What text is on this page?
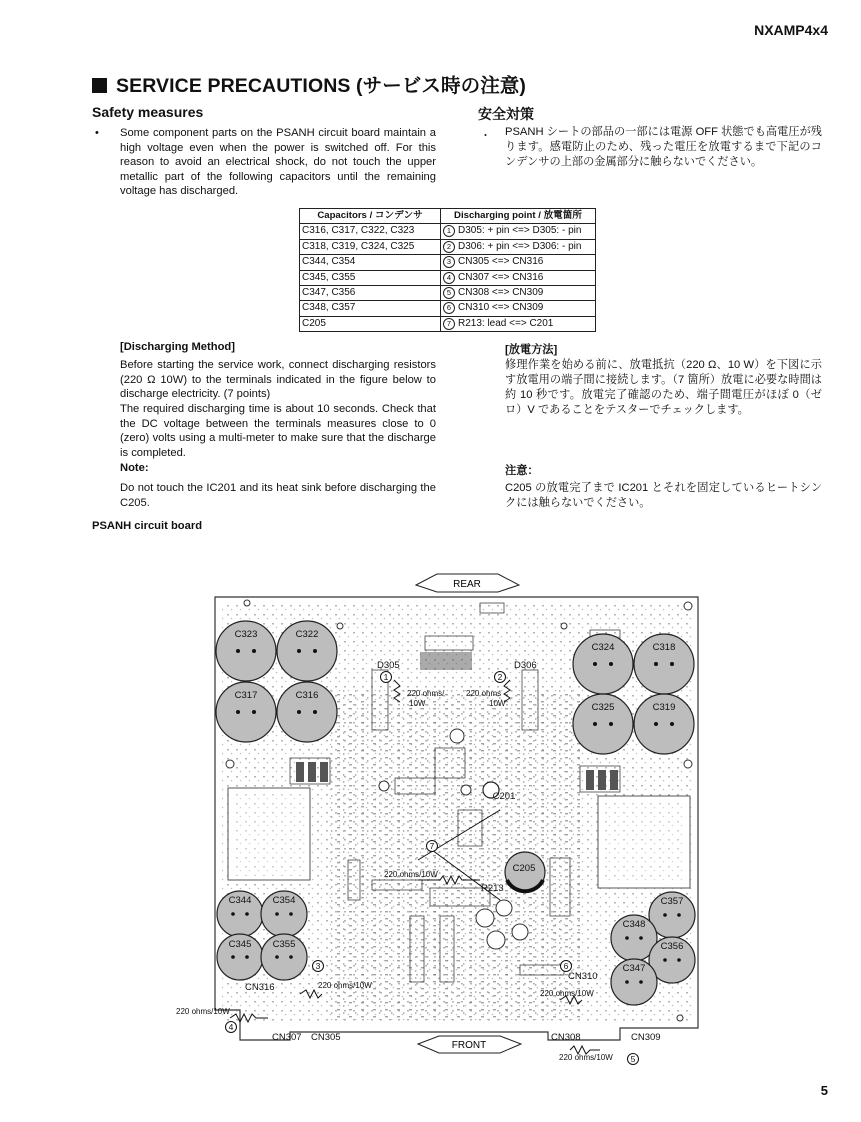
NXAMP4x4
SERVICE PRECAUTIONS (サービス時の注意)
Safety measures	安全対策
• Some component parts on the PSANH circuit board maintain a high voltage even when the power is switched off. For this reason to avoid an electrical shock, do not touch the upper metallic part of the following capacitors until the remaining voltage has discharged.
・ PSANH シートの部品の一部には電源 OFF 状態でも高電圧が残ります。感電防止のため、残った電圧を放電するまで下記のコンデンサの上部の金属部分に触らないでください。
Capacitors / コンデンサ	Discharging point / 放電箇所
C316, C317, C322, C323	1 D305: + pin <=> D305: - pin
C318, C319, C324, C325	2 D306: + pin <=> D306: - pin
C344, C354	3 CN305 <=> CN316
C345, C355	4 CN307 <=> CN316
C347, C356	5 CN308 <=> CN309
C348, C357	6 CN310 <=> CN309
C205	7 R213: lead <=> C201
[Discharging Method]	[放電方法]
Before starting the service work, connect discharging resistors (220 Ω 10W) to the terminals indicated in the figure below to discharge electricity. (7 points)
The required discharging time is about 10 seconds. Check that the DC voltage between the terminals measures close to 0 (zero) volts using a multi-meter to make sure that the discharge is completed.
修理作業を始める前に、放電抵抗（220 Ω、10 W）を下図に示す放電用の端子間に接続します。（7 箇所）放電に必要な時間は約 10 秒です。放電完了確認のため、端子間電圧がほぼ 0（ゼロ）V であることをテスターでチェックします。
Note:	注意：
Do not touch the IC201 and its heat sink before discharging the C205.
C205 の放電完了まで IC201 とそれを固定しているヒートシンクには触らないでください。
PSANH circuit board
REAR
FRONT
C323	C322
C317	C316
C324	C318
C325	C319
C344 C354
C345 C355
C357
C348
C356
C347
C205
C201
D305	D306
R213
CN316
CN307 CN305	CN308	CN309
CN310
220 ohms/
10W
220 ohms
10W
220 ohms/10W
220 ohms/10W
220 ohms/10W
220 ohms/10W
220 ohms/10W
1	2
3
4
5
6
7
5
